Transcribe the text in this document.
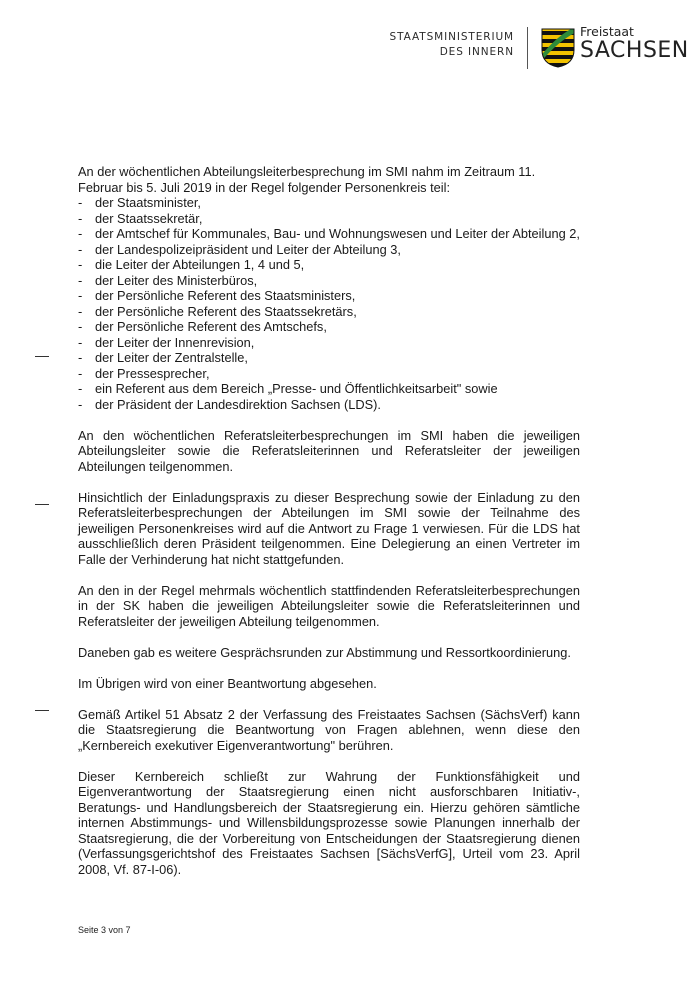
STAATSMINISTERIUM
DES INNERN
Freistaat
SACHSEN

An der wöchentlichen Abteilungsleiterbesprechung im SMI nahm im Zeitraum 11. Februar bis 5. Juli 2019 in der Regel folgender Personenkreis teil:

- der Staatsminister,
- der Staatssekretär,
- der Amtschef für Kommunales, Bau- und Wohnungswesen und Leiter der Abteilung 2,
- der Landespolizeipräsident und Leiter der Abteilung 3,
- die Leiter der Abteilungen 1, 4 und 5,
- der Leiter des Ministerbüros,
- der Persönliche Referent des Staatsministers,
- der Persönliche Referent des Staatssekretärs,
- der Persönliche Referent des Amtschefs,
- der Leiter der Innenrevision,
- der Leiter der Zentralstelle,
- der Pressesprecher,
- ein Referent aus dem Bereich „Presse- und Öffentlichkeitsarbeit" sowie
- der Präsident der Landesdirektion Sachsen (LDS).

An den wöchentlichen Referatsleiterbesprechungen im SMI haben die jeweiligen Abteilungsleiter sowie die Referatsleiterinnen und Referatsleiter der jeweiligen Abteilungen teilgenommen.

Hinsichtlich der Einladungspraxis zu dieser Besprechung sowie der Einladung zu den Referatsleiterbesprechungen der Abteilungen im SMI sowie der Teilnahme des jeweiligen Personenkreises wird auf die Antwort zu Frage 1 verwiesen. Für die LDS hat ausschließlich deren Präsident teilgenommen. Eine Delegierung an einen Vertreter im Falle der Verhinderung hat nicht stattgefunden.

An den in der Regel mehrmals wöchentlich stattfindenden Referatsleiterbesprechungen in der SK haben die jeweiligen Abteilungsleiter sowie die Referatsleiterinnen und Referatsleiter der jeweiligen Abteilung teilgenommen.

Daneben gab es weitere Gesprächsrunden zur Abstimmung und Ressortkoordinierung.

Im Übrigen wird von einer Beantwortung abgesehen.

Gemäß Artikel 51 Absatz 2 der Verfassung des Freistaates Sachsen (SächsVerf) kann die Staatsregierung die Beantwortung von Fragen ablehnen, wenn diese den „Kernbereich exekutiver Eigenverantwortung" berühren.

Dieser Kernbereich schließt zur Wahrung der Funktionsfähigkeit und Eigenverantwortung der Staatsregierung einen nicht ausforschbaren Initiativ-, Beratungs- und Handlungsbereich der Staatsregierung ein. Hierzu gehören sämtliche internen Abstimmungs- und Willensbildungsprozesse sowie Planungen innerhalb der Staatsregierung, die der Vorbereitung von Entscheidungen der Staatsregierung dienen (Verfassungsgerichtshof des Freistaates Sachsen [SächsVerfG], Urteil vom 23. April 2008, Vf. 87-I-06).

Seite 3 von 7
